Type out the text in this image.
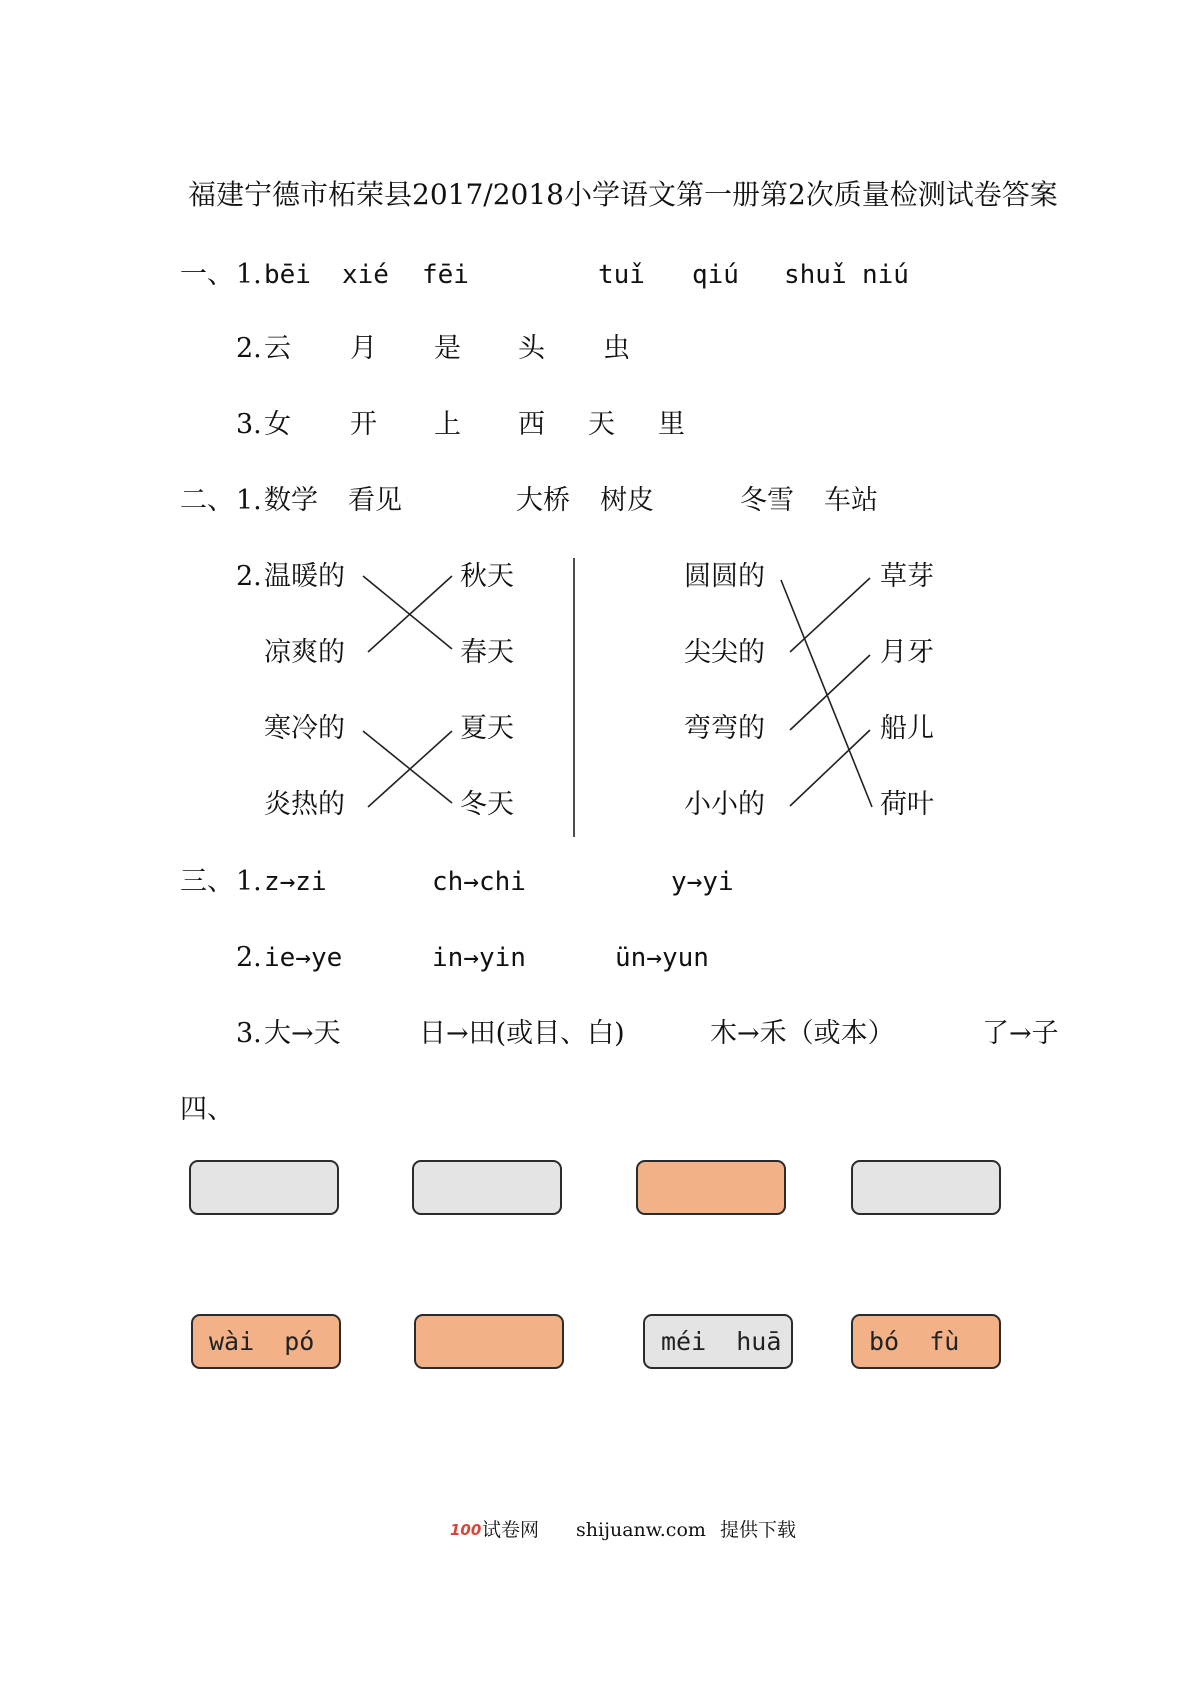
福建宁德市柘荣县2017/2018小学语文第一册第2次质量检测试卷答案
一、 1. bēi xié fēi	tuǐ qiú shuǐ niú
2. 云 月 是 头 虫
3. 女 开 上 西 天 里
二、 1. 数学 看见	大桥 树皮	冬雪 车站
2. 温暖的
凉爽的
寒冷的
炎热的
秋天
春天
夏天
冬天
圆圆的
尖尖的
弯弯的
小小的
草芽
月牙
船儿
荷叶
三、 1. z→zi	ch→chi	y→yi
2. ie→ye	in→yin	ün→yun
3. 大→天	日→田(或目、白)	木→禾（或本）	了→子
四、
wài  pó	méi  huā	bó  fù
100 试卷网 shijuanw.com 提供下载
